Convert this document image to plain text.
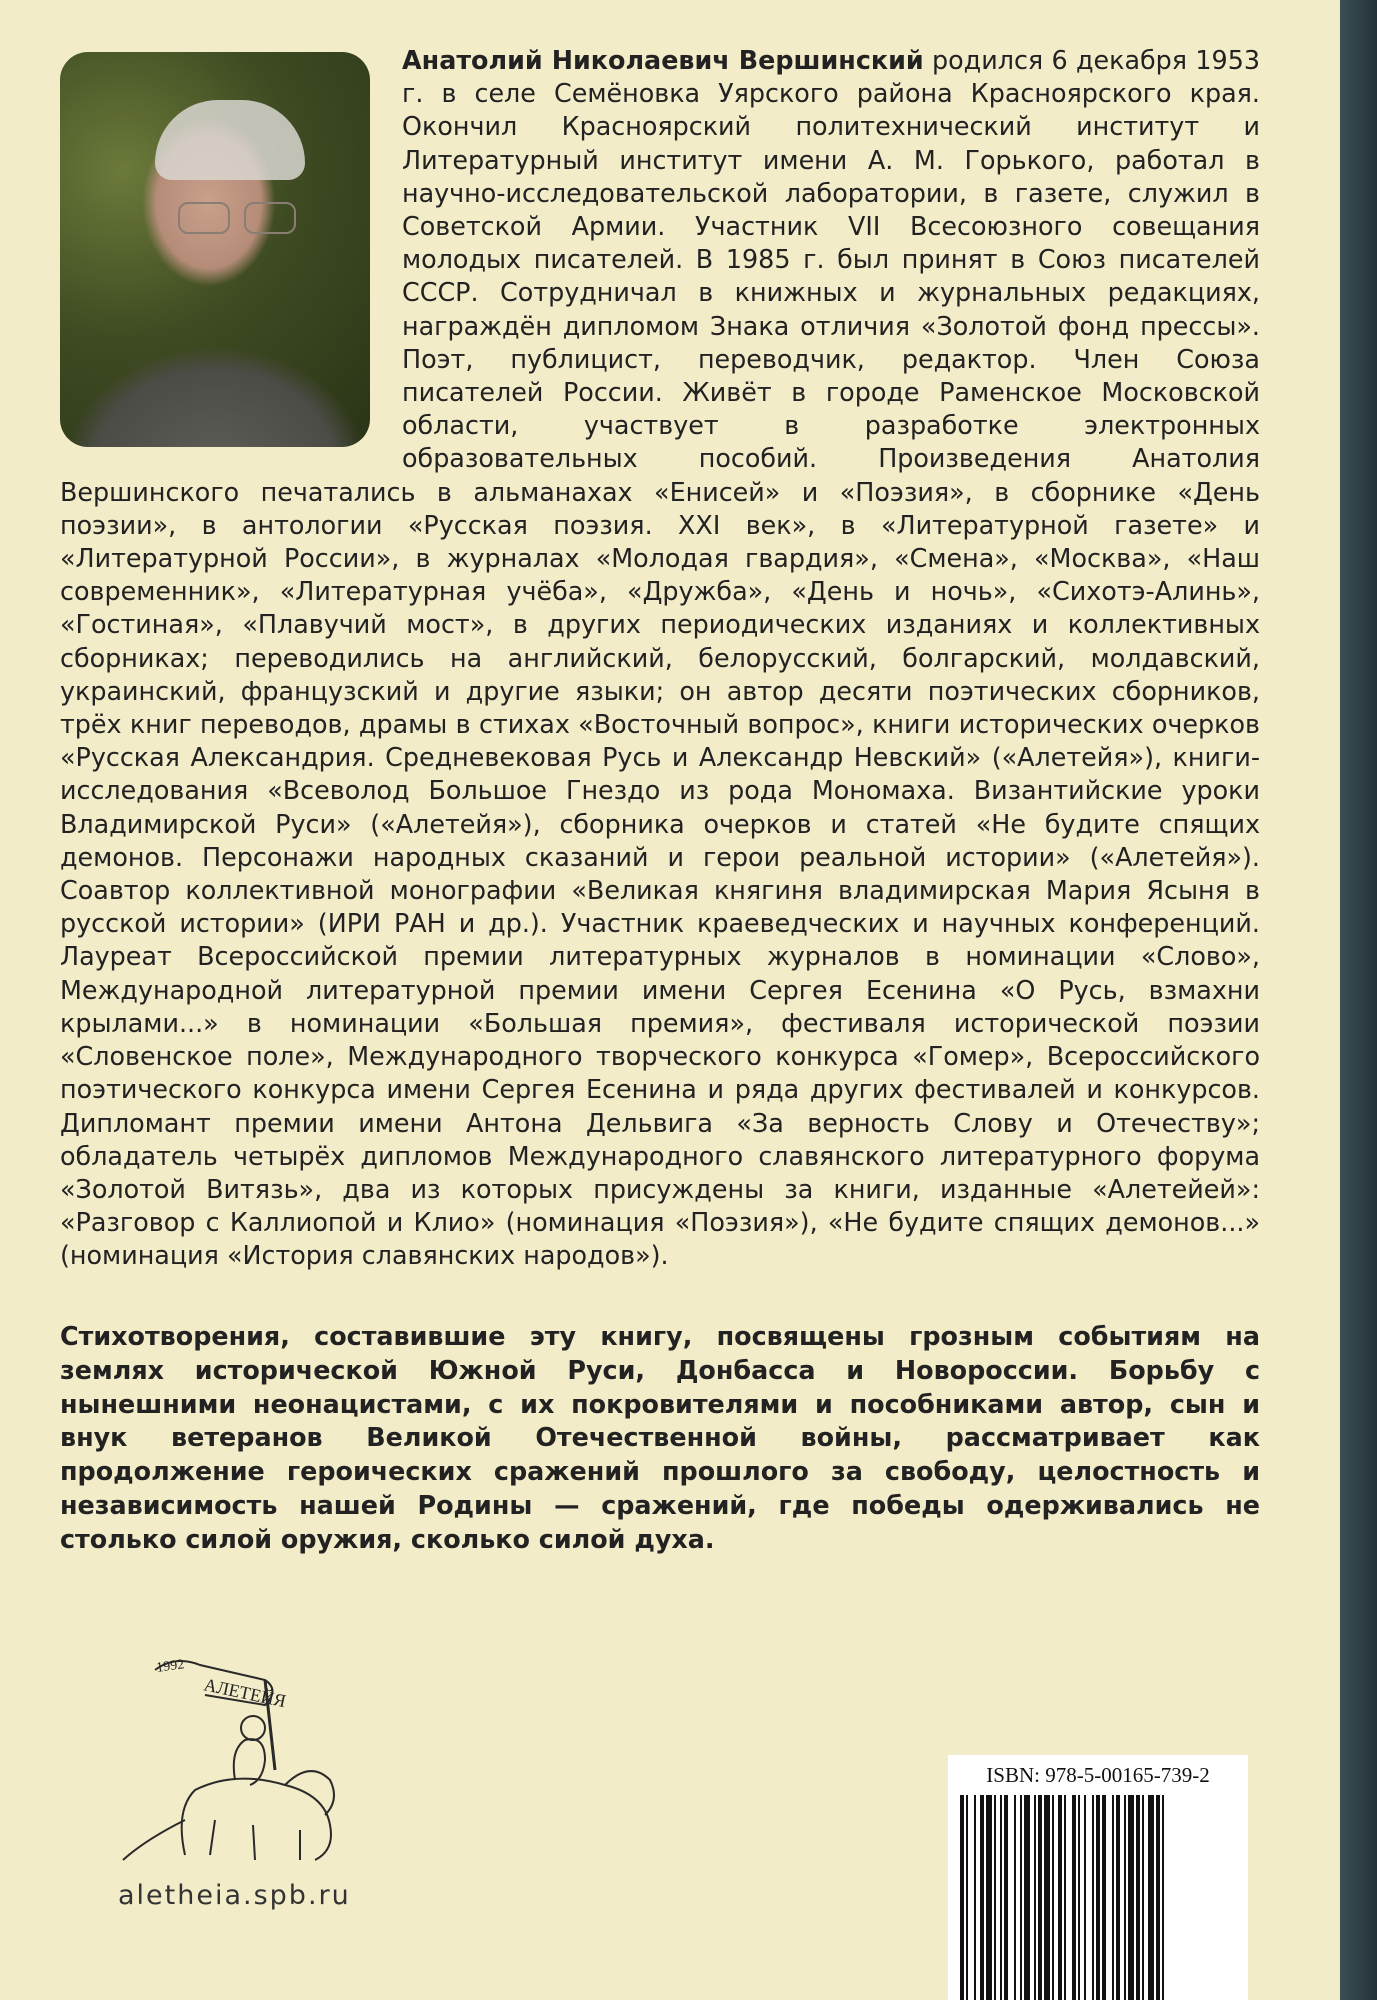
Анатолий Николаевич Вершинский родился 6 декабря 1953 г. в селе Семёновка Уярского района Красноярского края. Окончил Красноярский политехнический институт и Литературный институт имени А. М. Горького, работал в научно-исследовательской лаборатории, в газете, служил в Советской Армии. Участник VII Всесоюзного совещания молодых писателей. В 1985 г. был принят в Союз писателей СССР. Сотрудничал в книжных и журнальных редакциях, награждён дипломом Знака отличия «Золотой фонд прессы». Поэт, публицист, переводчик, редактор. Член Союза писателей России. Живёт в городе Раменское Московской области, участвует в разработке электронных образовательных пособий. Произведения Анатолия Вершинского печатались в альманахах «Енисей» и «Поэзия», в сборнике «День поэзии», в антологии «Русская поэзия. XXI век», в «Литературной газете» и «Литературной России», в журналах «Молодая гвардия», «Смена», «Москва», «Наш современник», «Литературная учёба», «Дружба», «День и ночь», «Сихотэ-Алинь», «Гостиная», «Плавучий мост», в других периодических изданиях и коллективных сборниках; переводились на английский, белорусский, болгарский, молдавский, украинский, французский и другие языки; он автор десяти поэтических сборников, трёх книг переводов, драмы в стихах «Восточный вопрос», книги исторических очерков «Русская Александрия. Средневековая Русь и Александр Невский» («Алетейя»), книги-исследования «Всеволод Большое Гнездо из рода Мономаха. Византийские уроки Владимирской Руси» («Алетейя»), сборника очерков и статей «Не будите спящих демонов. Персонажи народных сказаний и герои реальной истории» («Алетейя»). Соавтор коллективной монографии «Великая княгиня владимирская Мария Ясыня в русской истории» (ИРИ РАН и др.). Участник краеведческих и научных конференций. Лауреат Всероссийской премии литературных журналов в номинации «Слово», Международной литературной премии имени Сергея Есенина «О Русь, взмахни крылами...» в номинации «Большая премия», фестиваля исторической поэзии «Словенское поле», Международного творческого конкурса «Гомер», Всероссийского поэтического конкурса имени Сергея Есенина и ряда других фестивалей и конкурсов. Дипломант премии имени Антона Дельвига «За верность Слову и Отечеству»; обладатель четырёх дипломов Международного славянского литературного форума «Золотой Витязь», два из которых присуждены за книги, изданные «Алетейей»: «Разговор с Каллиопой и Клио» (номинация «Поэзия»), «Не будите спящих демонов...» (номинация «История славянских народов»).

Стихотворения, составившие эту книгу, посвящены грозным событиям на землях исторической Южной Руси, Донбасса и Новороссии. Борьбу с нынешними неонацистами, с их покровителями и пособниками автор, сын и внук ветеранов Великой Отечественной войны, рассматривает как продолжение героических сражений прошлого за свободу, целостность и независимость нашей Родины — сражений, где победы одерживались не столько силой оружия, сколько силой духа.
1992
АЛЕТЕЙЯ
aletheia.spb.ru
ISBN: 978-5-00165-739-2
